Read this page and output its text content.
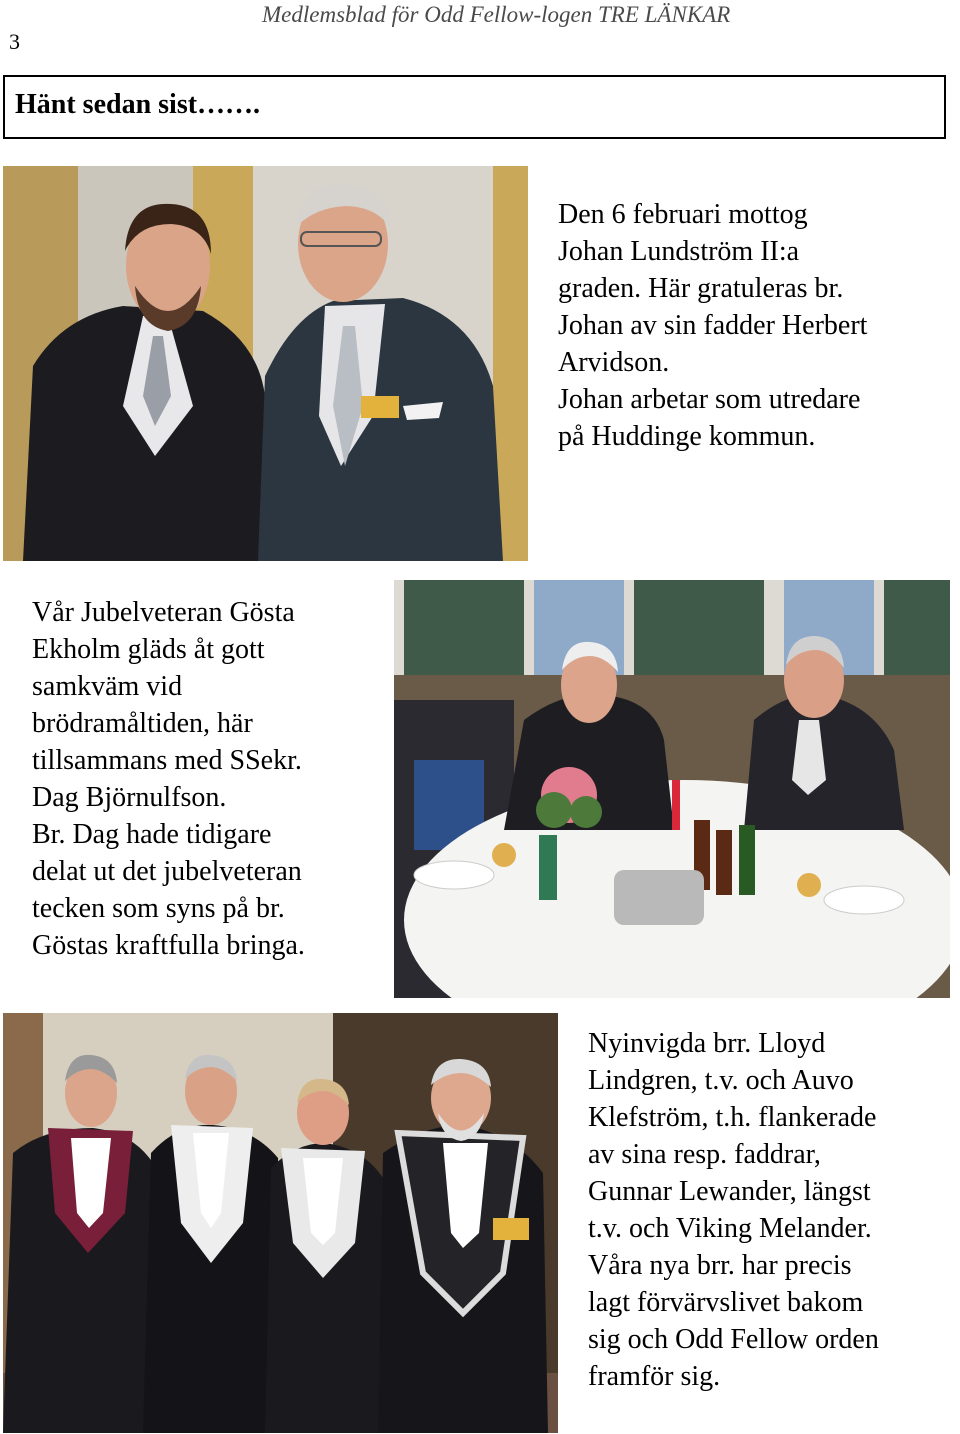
3
Medlemsblad för Odd Fellow-logen TRE LÄNKAR
Hänt sedan sist…….
Den 6 februari mottog
Johan Lundström II:a
graden. Här gratuleras br.
Johan av sin fadder Herbert
Arvidson.
Johan arbetar som utredare
på Huddinge kommun.
Vår Jubelveteran Gösta
Ekholm gläds åt gott
samkväm vid
brödramåltiden, här
tillsammans med SSekr.
Dag Björnulfson.
Br. Dag hade tidigare
delat ut det jubelveteran
tecken som syns på br.
Göstas kraftfulla bringa.
Nyinvigda brr. Lloyd
Lindgren, t.v. och Auvo
Klefström, t.h. flankerade
av sina resp. faddrar,
Gunnar Lewander, längst
t.v. och Viking Melander.
Våra nya brr. har precis
lagt förvärvslivet bakom
sig och Odd Fellow orden
framför sig.
